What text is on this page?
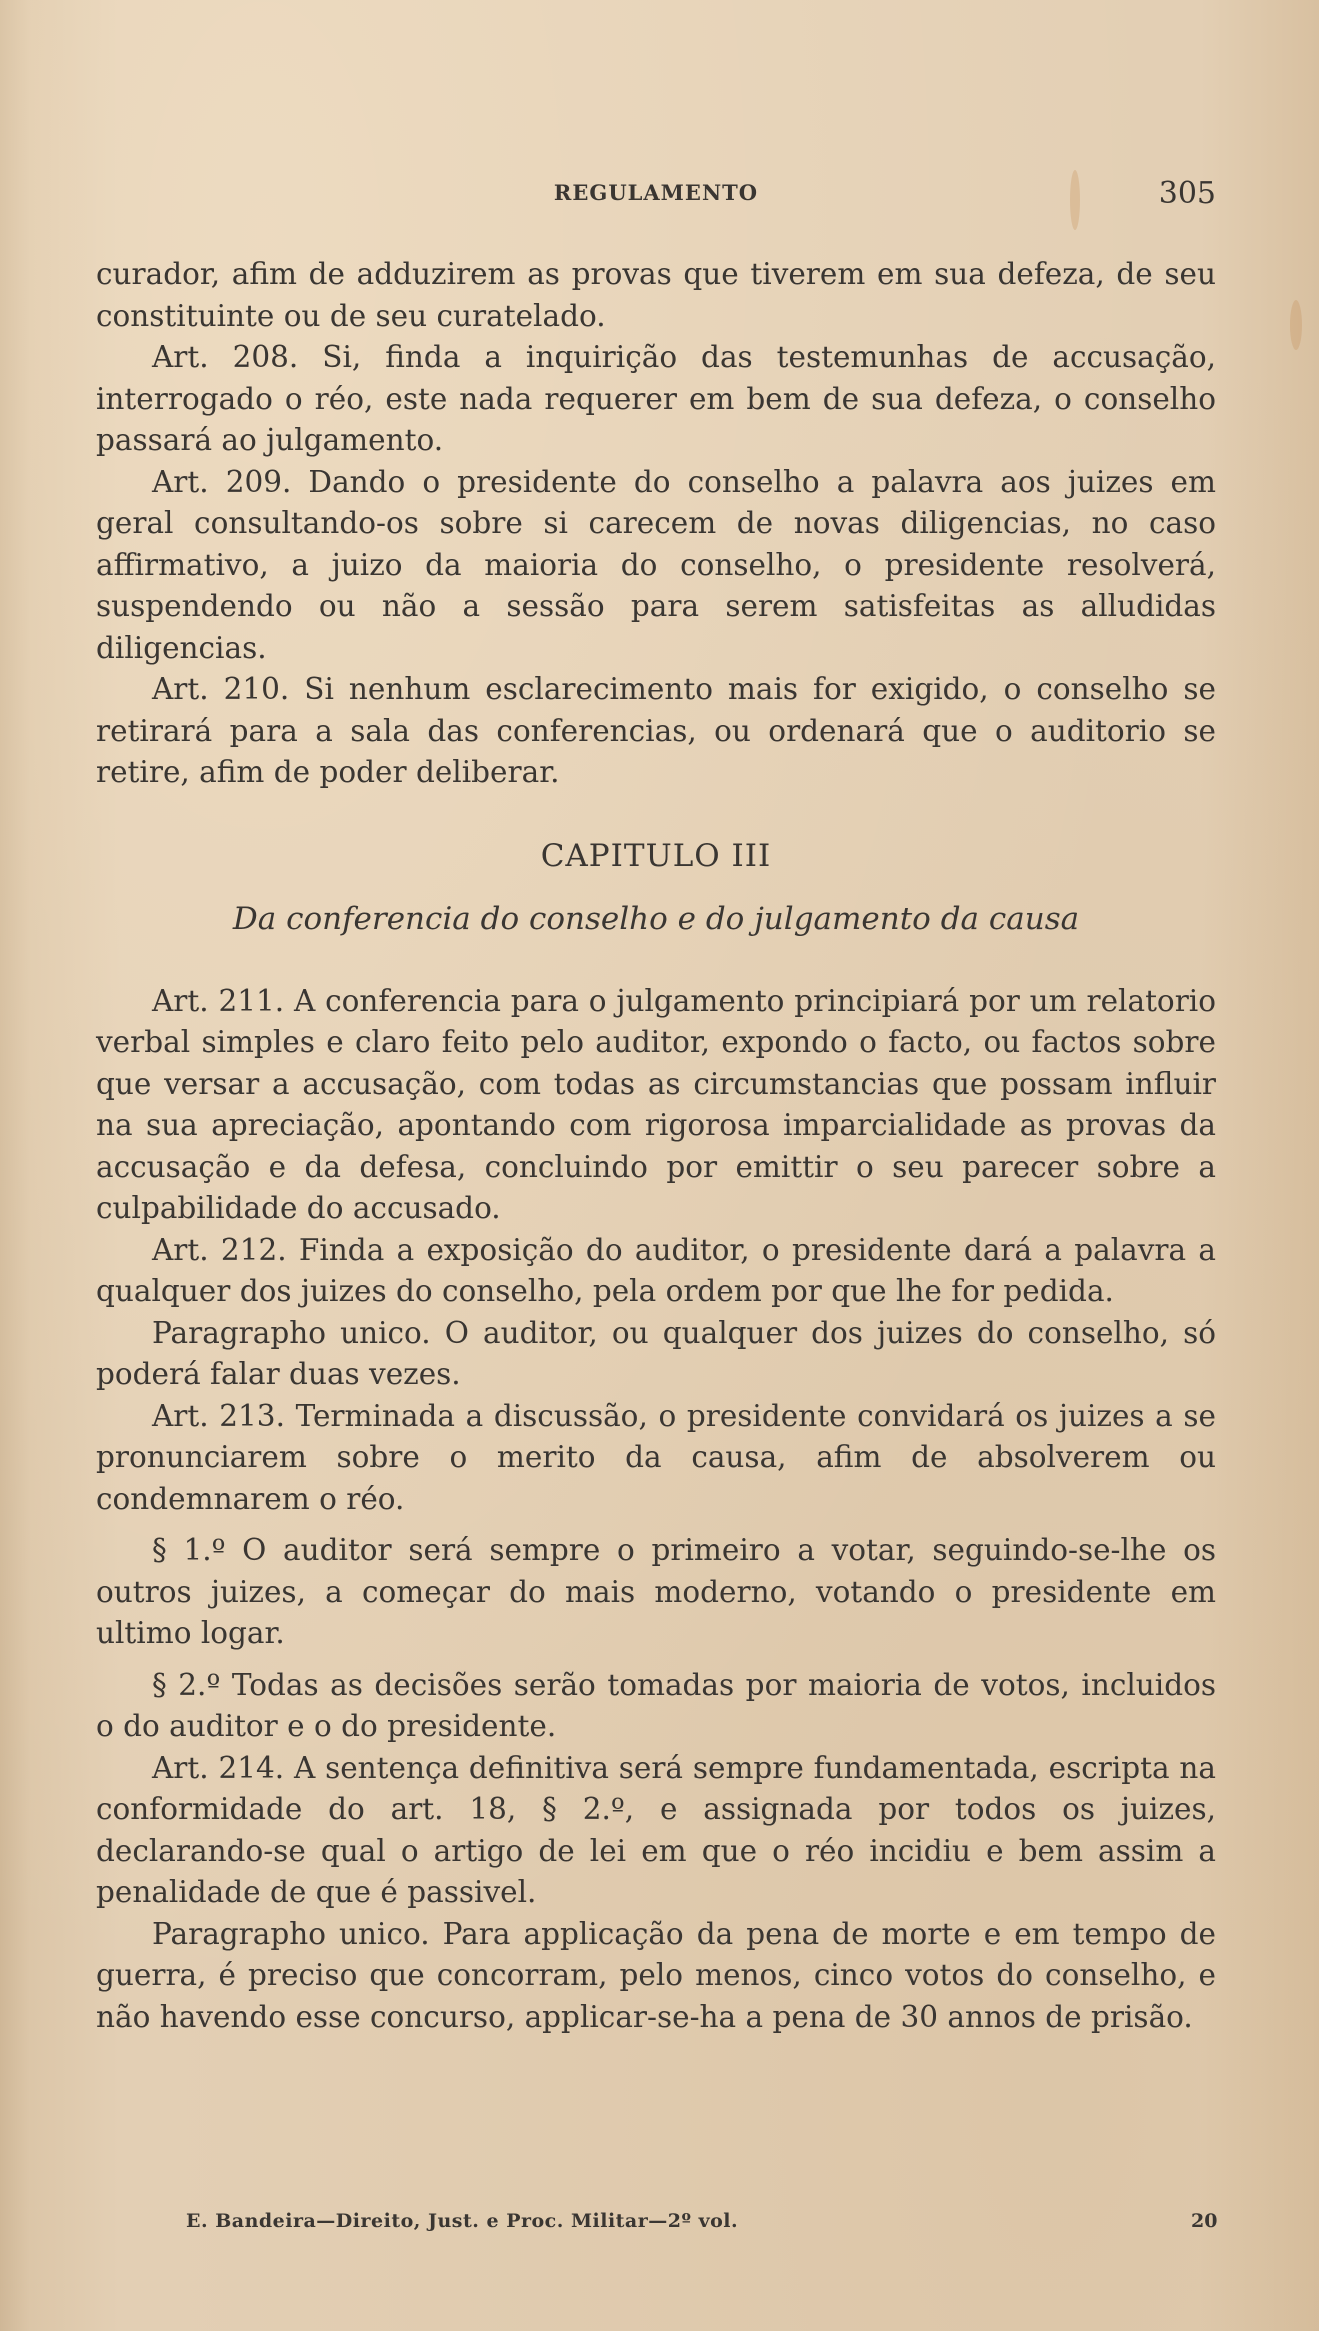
REGULAMENTO	305

curador, afim de adduzirem as provas que tiverem em sua defeza, de seu constituinte ou de seu curatelado.

Art. 208. Si, finda a inquirição das testemunhas de accusação, interrogado o réo, este nada requerer em bem de sua defeza, o conselho passará ao julgamento.

Art. 209. Dando o presidente do conselho a palavra aos juizes em geral consultando-os sobre si carecem de novas diligencias, no caso affirmativo, a juizo da maioria do conselho, o presidente resolverá, suspendendo ou não a sessão para serem satisfeitas as alludidas diligencias.

Art. 210. Si nenhum esclarecimento mais for exigido, o conselho se retirará para a sala das conferencias, ou ordenará que o auditorio se retire, afim de poder deliberar.

CAPITULO III
Da conferencia do conselho e do julgamento da causa

Art. 211. A conferencia para o julgamento principiará por um relatorio verbal simples e claro feito pelo auditor, expondo o facto, ou factos sobre que versar a accusação, com todas as circumstancias que possam influir na sua apreciação, apontando com rigorosa imparcialidade as provas da accusação e da defesa, concluindo por emittir o seu parecer sobre a culpabilidade do accusado.

Art. 212. Finda a exposição do auditor, o presidente dará a palavra a qualquer dos juizes do conselho, pela ordem por que lhe for pedida.

Paragrapho unico. O auditor, ou qualquer dos juizes do conselho, só poderá falar duas vezes.

Art. 213. Terminada a discussão, o presidente convidará os juizes a se pronunciarem sobre o merito da causa, afim de absolverem ou condemnarem o réo.

§ 1.º O auditor será sempre o primeiro a votar, seguindo-se-lhe os outros juizes, a começar do mais moderno, votando o presidente em ultimo logar.

§ 2.º Todas as decisões serão tomadas por maioria de votos, incluidos o do auditor e o do presidente.

Art. 214. A sentença definitiva será sempre fundamentada, escripta na conformidade do art. 18, § 2.º, e assignada por todos os juizes, declarando-se qual o artigo de lei em que o réo incidiu e bem assim a penalidade de que é passivel.

Paragrapho unico. Para applicação da pena de morte e em tempo de guerra, é preciso que concorram, pelo menos, cinco votos do conselho, e não havendo esse concurso, applicar-se-ha a pena de 30 annos de prisão.

E. Bandeira—Direito, Just. e Proc. Militar—2º vol.	20
